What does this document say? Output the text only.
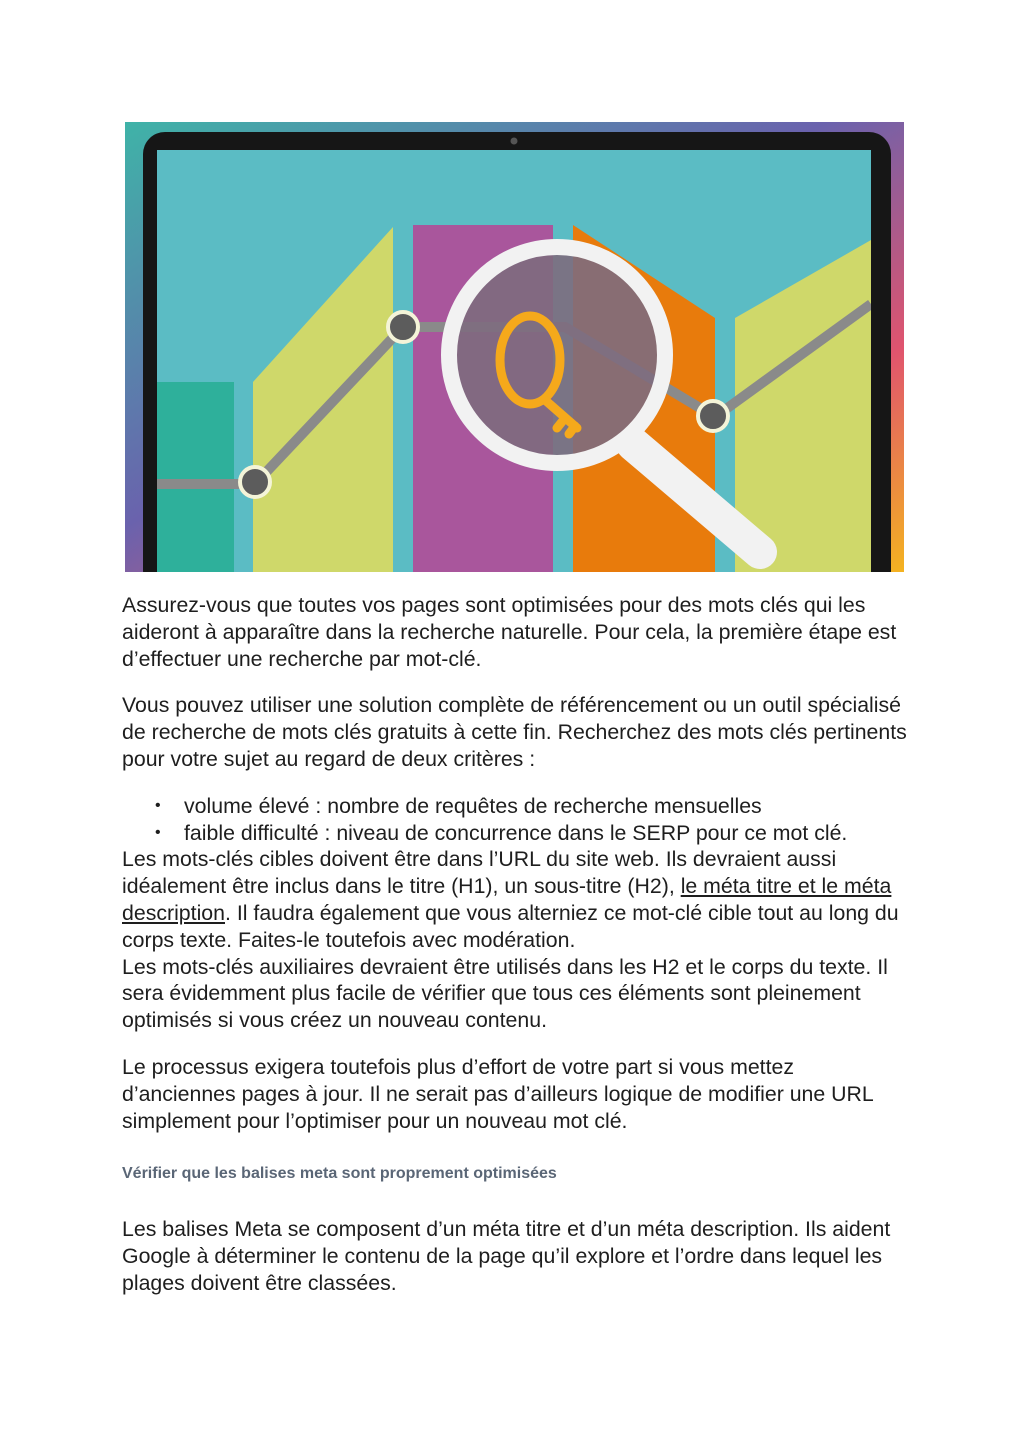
Assurez-vous que toutes vos pages sont optimisées pour des mots clés qui les aideront à apparaître dans la recherche naturelle. Pour cela, la première étape est d’effectuer une recherche par mot-clé.

Vous pouvez utiliser une solution complète de référencement ou un outil spécialisé de recherche de mots clés gratuits à cette fin. Recherchez des mots clés pertinents pour votre sujet au regard de deux critères :

• volume élevé : nombre de requêtes de recherche mensuelles
• faible difficulté : niveau de concurrence dans le SERP pour ce mot clé.

Les mots-clés cibles doivent être dans l’URL du site web. Ils devraient aussi idéalement être inclus dans le titre (H1), un sous-titre (H2), le méta titre et le méta description. Il faudra également que vous alterniez ce mot-clé cible tout au long du corps texte. Faites-le toutefois avec modération.

Les mots-clés auxiliaires devraient être utilisés dans les H2 et le corps du texte. Il sera évidemment plus facile de vérifier que tous ces éléments sont pleinement optimisés si vous créez un nouveau contenu.

Le processus exigera toutefois plus d’effort de votre part si vous mettez d’anciennes pages à jour. Il ne serait pas d’ailleurs logique de modifier une URL simplement pour l’optimiser pour un nouveau mot clé.

Vérifier que les balises meta sont proprement optimisées

Les balises Meta se composent d’un méta titre et d’un méta description. Ils aident Google à déterminer le contenu de la page qu’il explore et l’ordre dans lequel les plages doivent être classées.
